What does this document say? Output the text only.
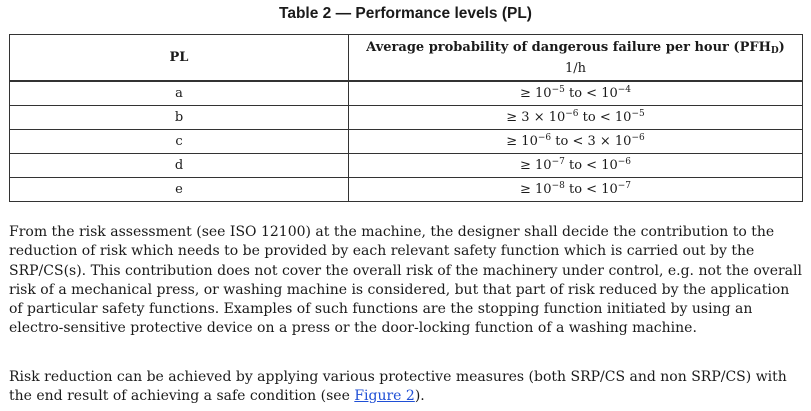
Table 2 — Performance levels (PL)
PL	Average probability of dangerous failure per hour $(PFH_D)$
1/h
a	≥ $10^{-5}$ to < $10^{-4}$
b	≥ $3 \times 10^{-6}$ to < $10^{-5}$
c	≥ $10^{-6}$ to < $3 \times 10^{-6}$
d	≥ $10^{-7}$ to < $10^{-6}$
e	≥ $10^{-8}$ to < $10^{-7}$

From the risk assessment (see ISO 12100) at the machine, the designer shall decide the contribution to the reduction of risk which needs to be provided by each relevant safety function which is carried out by the SRP/CS(s). This contribution does not cover the overall risk of the machinery under control, e.g. not the overall risk of a mechanical press, or washing machine is considered, but that part of risk reduced by the application of particular safety functions. Examples of such functions are the stopping function initiated by using an electro-sensitive protective device on a press or the door-locking function of a washing machine.

Risk reduction can be achieved by applying various protective measures (both SRP/CS and non SRP/CS) with the end result of achieving a safe condition (see Figure 2).
